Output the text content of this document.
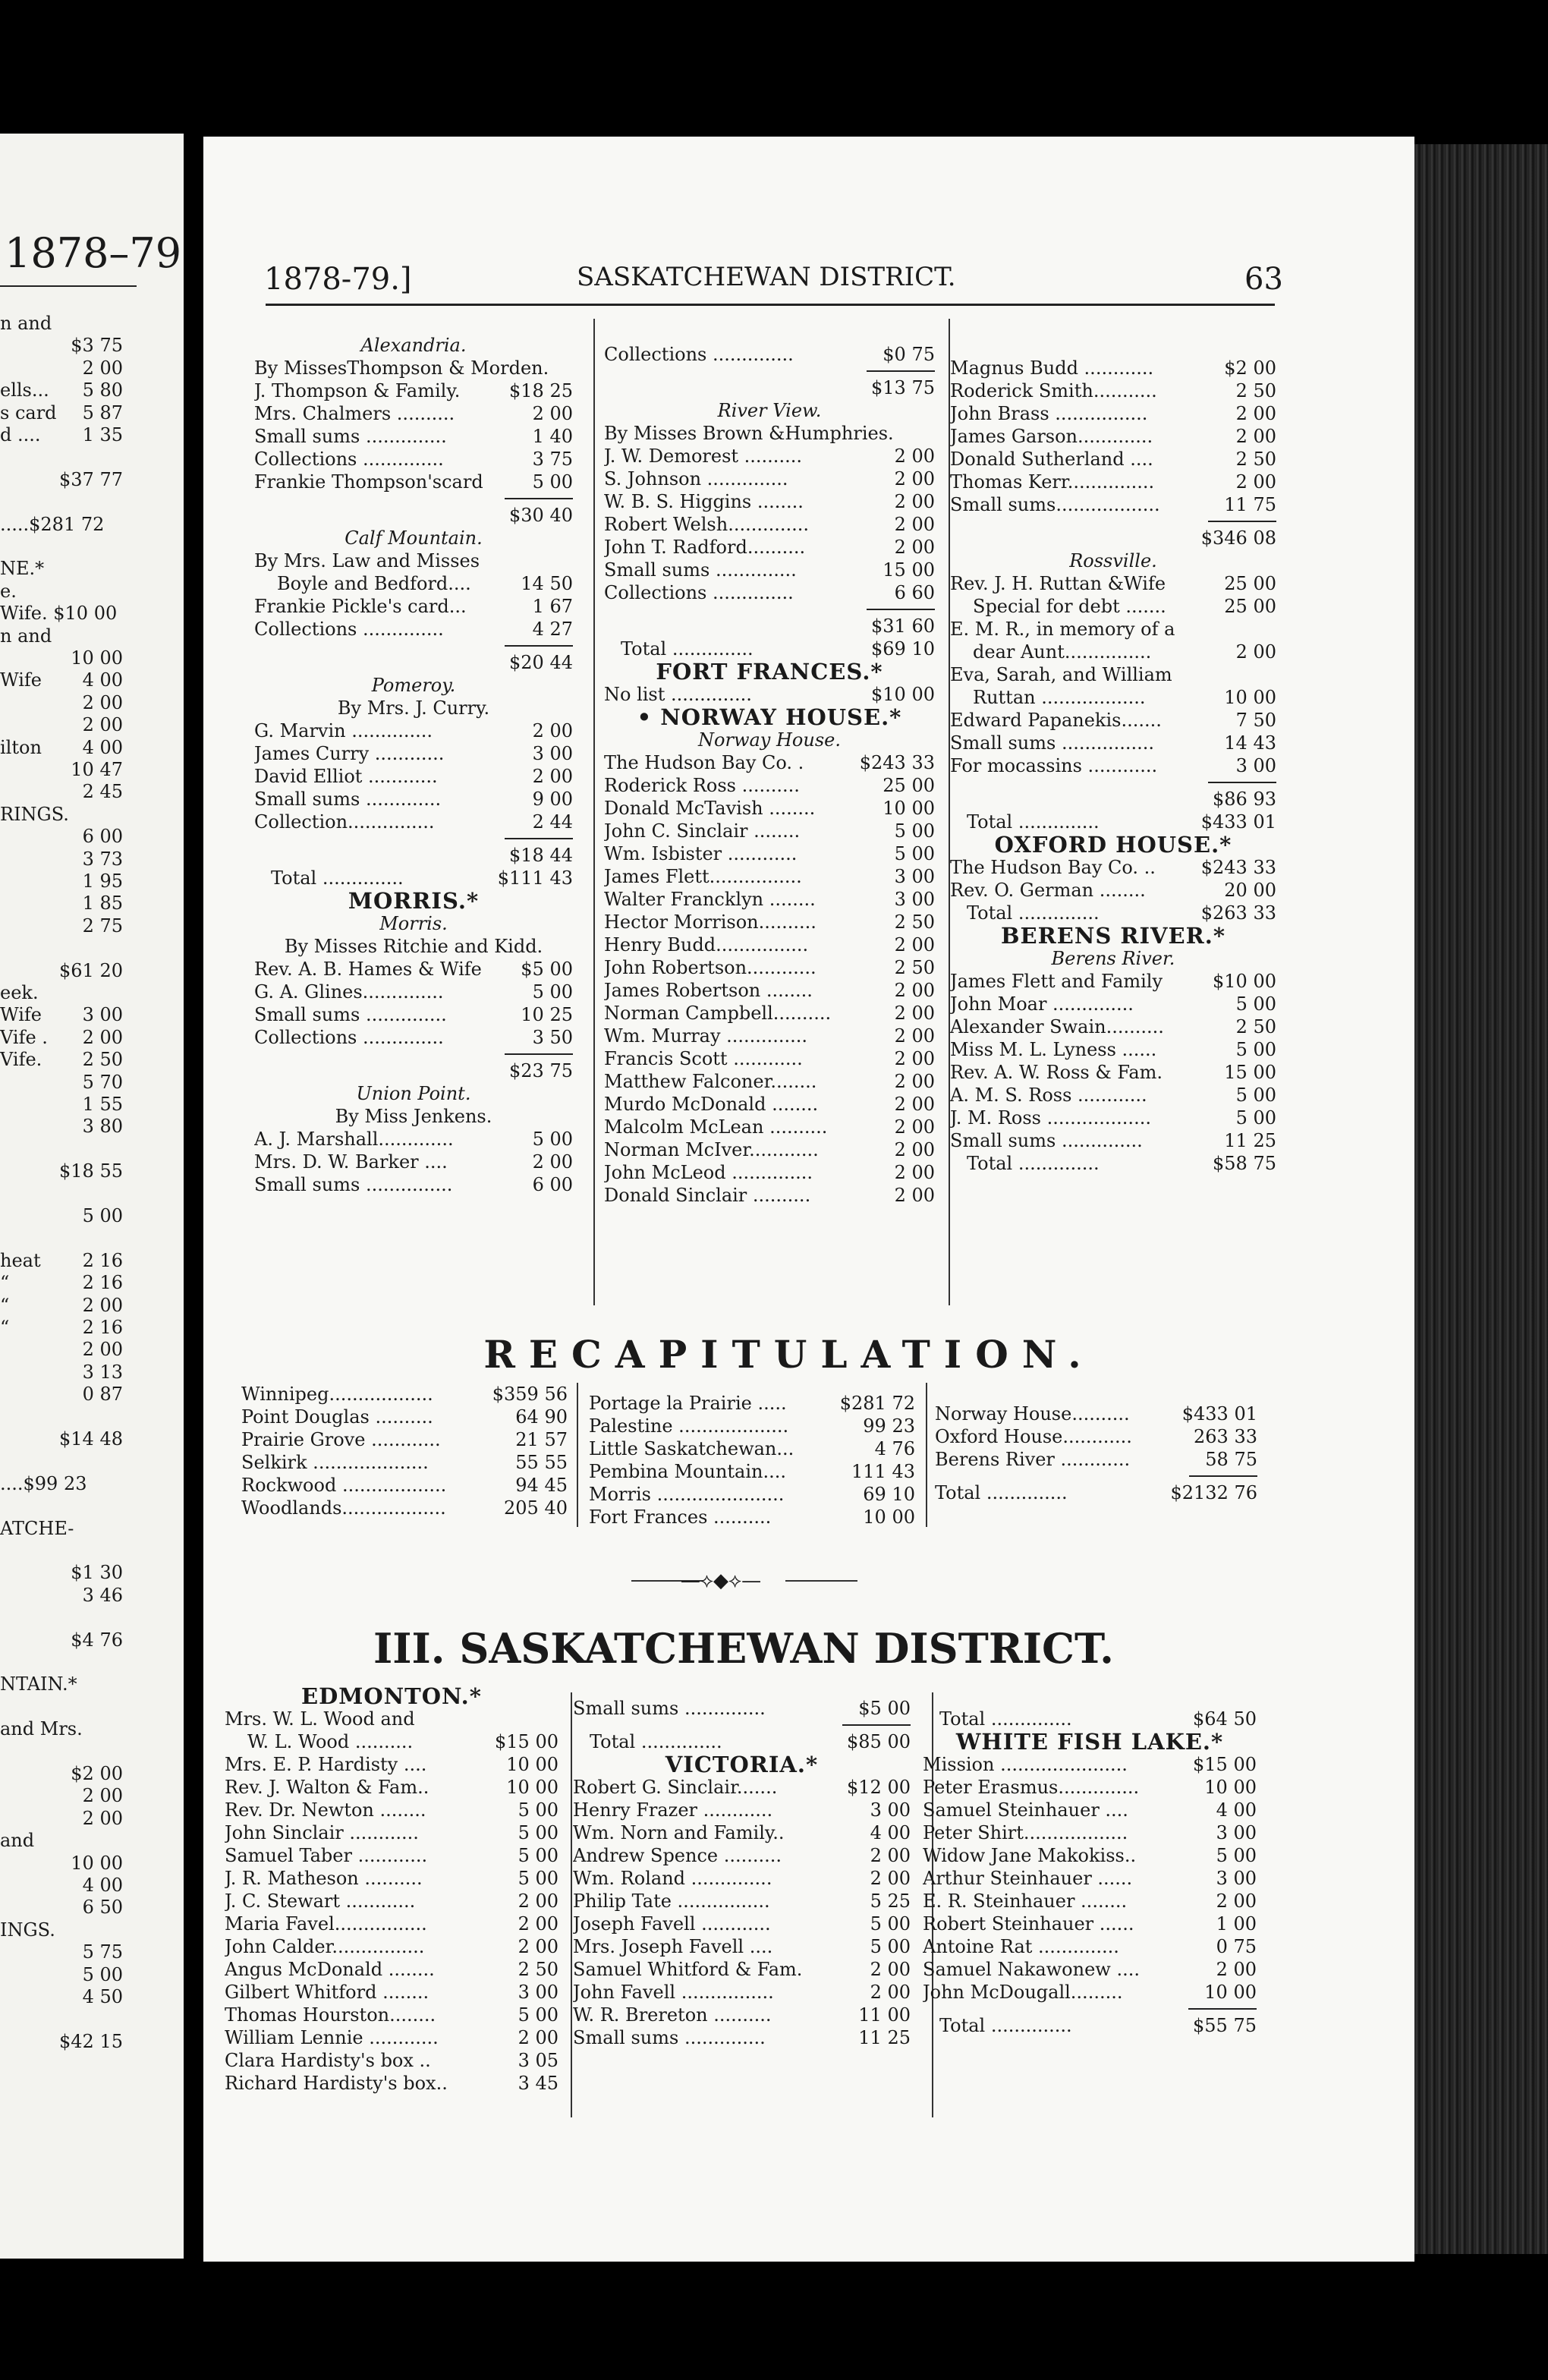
1878–79
n and
$3 75
2 00
ells...	5 80
s card	5 87
d ....	1 35
$37 77
.....$281 72
NE.*
e.
Wife. $10 00
n and
10 00
Wife	4 00
2 00
2 00
ilton	4 00
10 47
2 45
RINGS.
6 00
3 73
1 95
1 85
2 75
$61 20
eek.
Wife	3 00
Vife .	2 00
Vife.	2 50
5 70
1 55
3 80
$18 55
5 00
heat	2 16
“	2 16
“	2 00
“	2 16
2 00
3 13
0 87
$14 48
....$99 23
ATCHE-
$1 30
3 46
$4 76
NTAIN.*
and Mrs.
$2 00
2 00
2 00
and
10 00
4 00
6 50
INGS.
5 75
5 00
4 50
$42 15
1878-79.]	SASKATCHEWAN DISTRICT.	63
Alexandria.
By MissesThompson & Morden.
J. Thompson & Family.	$18 25
Mrs. Chalmers ..........	2 00
Small sums ..............	1 40
Collections ..............	3 75
Frankie Thompson'scard	5 00
$30 40
Calf Mountain.
By Mrs. Law and Misses
Boyle and Bedford....	14 50
Frankie Pickle's card...	1 67
Collections ..............	4 27
$20 44
Pomeroy.
By Mrs. J. Curry.
G. Marvin ..............	2 00
James Curry ............	3 00
David Elliot ............	2 00
Small sums .............	9 00
Collection...............	2 44
$18 44
Total ..............	$111 43
MORRIS.*
Morris.
By Misses Ritchie and Kidd.
Rev. A. B. Hames & Wife $5 00
G. A. Glines..............	5 00
Small sums ..............	10 25
Collections ..............	3 50
$23 75
Union Point.
By Miss Jenkens.
A. J. Marshall.............	5 00
Mrs. D. W. Barker ....	2 00
Small sums ...............	6 00
Collections ..............	$0 75
$13 75
River View.
By Misses Brown &Humphries.
J. W. Demorest ..........	2 00
S. Johnson ..............	2 00
W. B. S. Higgins ........	2 00
Robert Welsh..............	2 00
John T. Radford..........	2 00
Small sums ..............	15 00
Collections ..............	6 60
$31 60
Total ..............	$69 10
FORT FRANCES.*
No list ..............	$10 00
• NORWAY HOUSE.*
Norway House.
The Hudson Bay Co. .	$243 33
Roderick Ross ..........	25 00
Donald McTavish ........	10 00
John C. Sinclair ........	5 00
Wm. Isbister ............	5 00
James Flett................	3 00
Walter Francklyn ........	3 00
Hector Morrison..........	2 50
Henry Budd................	2 00
John Robertson............	2 50
James Robertson ........	2 00
Norman Campbell..........	2 00
Wm. Murray ..............	2 00
Francis Scott ............	2 00
Matthew Falconer........	2 00
Murdo McDonald ........	2 00
Malcolm McLean ..........	2 00
Norman McIver............	2 00
John McLeod ..............	2 00
Donald Sinclair ..........	2 00
Magnus Budd ............	$2 00
Roderick Smith...........	2 50
John Brass ................	2 00
James Garson.............	2 00
Donald Sutherland ....	2 50
Thomas Kerr...............	2 00
Small sums..................	11 75
$346 08
Rossville.
Rev. J. H. Ruttan &Wife	25 00
Special for debt .......	25 00
E. M. R., in memory of a
dear Aunt...............	2 00
Eva, Sarah, and William
Ruttan ..................	10 00
Edward Papanekis.......	7 50
Small sums ................	14 43
For mocassins ............	3 00
$86 93
Total ..............	$433 01
OXFORD HOUSE.*
The Hudson Bay Co. .. $243 33
Rev. O. German ........	20 00
Total ..............	$263 33
BERENS RIVER.*
Berens River.
James Flett and Family	$10 00
John Moar ..............	5 00
Alexander Swain..........	2 50
Miss M. L. Lyness ......	5 00
Rev. A. W. Ross & Fam.	15 00
A. M. S. Ross ............	5 00
J. M. Ross ..................	5 00
Small sums ..............	11 25
Total ..............	$58 75
RECAPITULATION.
Winnipeg..................	$359 56
Point Douglas ..........	64 90
Prairie Grove ............	21 57
Selkirk ....................	55 55
Rockwood ..................	94 45
Woodlands..................	205 40
Portage la Prairie .....	$281 72
Palestine ...................	99 23
Little Saskatchewan...	4 76
Pembina Mountain....	111 43
Morris ......................	69 10
Fort Frances ..........	10 00
Norway House..........	$433 01
Oxford House............	263 33
Berens River ............	58 75
Total ..............	$2132 76
—⟡◆⟡—
III. SASKATCHEWAN DISTRICT.
EDMONTON.*
Mrs. W. L. Wood and
W. L. Wood ..........	$15 00
Mrs. E. P. Hardisty ....	10 00
Rev. J. Walton & Fam..	10 00
Rev. Dr. Newton ........	5 00
John Sinclair ............	5 00
Samuel Taber ............	5 00
J. R. Matheson ..........	5 00
J. C. Stewart ............	2 00
Maria Favel................	2 00
John Calder................	2 00
Angus McDonald ........	2 50
Gilbert Whitford ........	3 00
Thomas Hourston........	5 00
William Lennie ............	2 00
Clara Hardisty's box ..	3 05
Richard Hardisty's box..	3 45
Small sums ..............	$5 00
Total ..............	$85 00
VICTORIA.*
Robert G. Sinclair.......	$12 00
Henry Frazer ............	3 00
Wm. Norn and Family..	4 00
Andrew Spence ..........	2 00
Wm. Roland ..............	2 00
Philip Tate ................	5 25
Joseph Favell ............	5 00
Mrs. Joseph Favell ....	5 00
Samuel Whitford & Fam.	2 00
John Favell ................	2 00
W. R. Brereton ..........	11 00
Small sums ..............	11 25
Total ..............	$64 50
WHITE FISH LAKE.*
Mission ......................	$15 00
Peter Erasmus..............	10 00
Samuel Steinhauer ....	4 00
Peter Shirt..................	3 00
Widow Jane Makokiss..	5 00
Arthur Steinhauer ......	3 00
E. R. Steinhauer ........	2 00
Robert Steinhauer ......	1 00
Antoine Rat ..............	0 75
Samuel Nakawonew ....	2 00
John McDougall.........	10 00
Total ..............	$55 75
